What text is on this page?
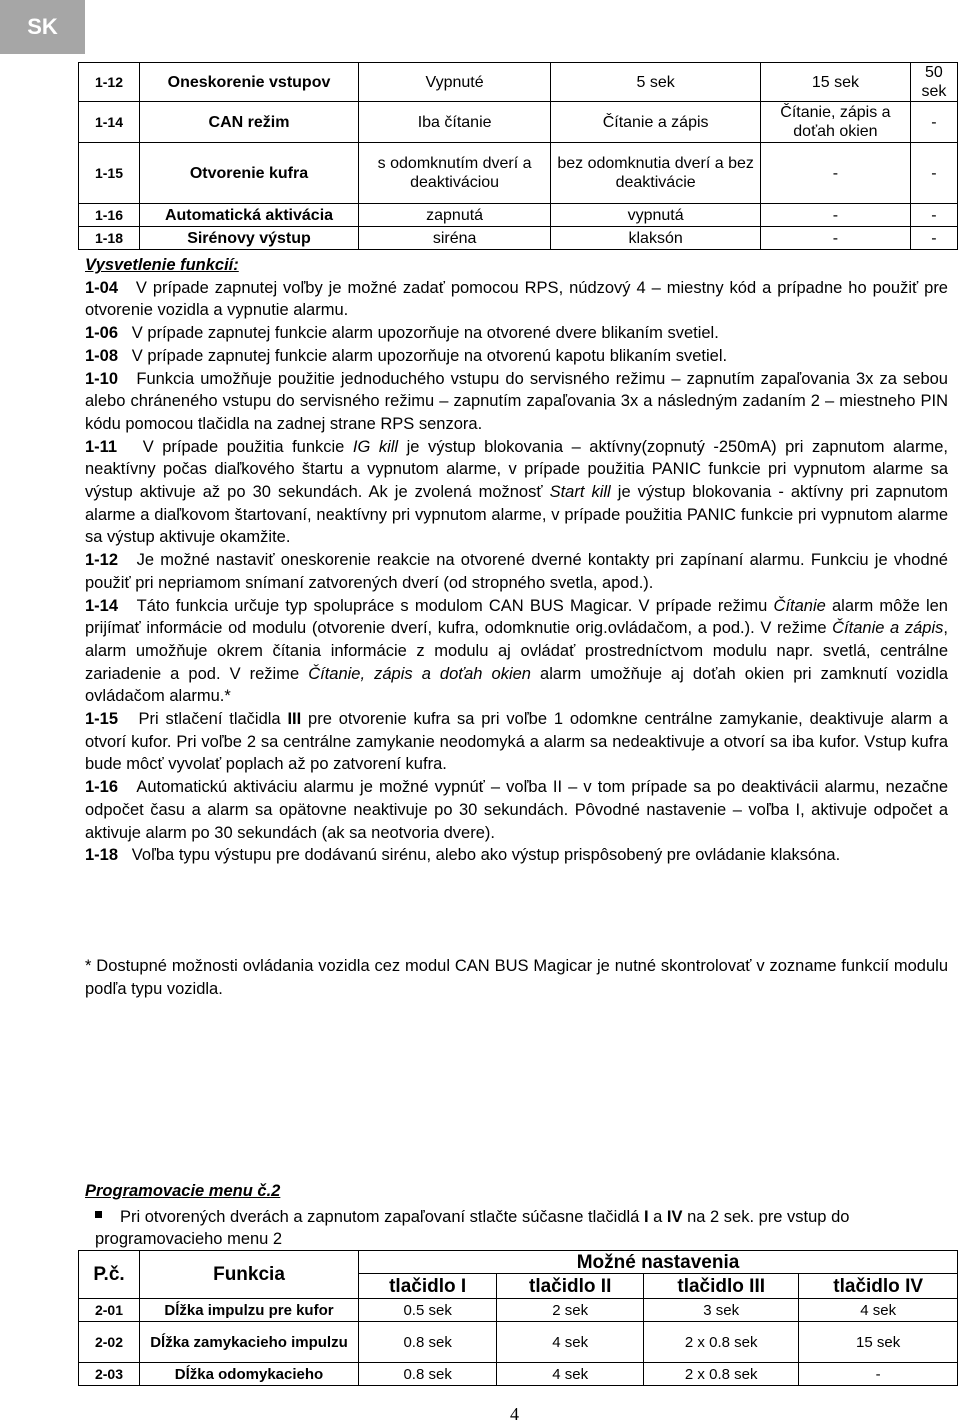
SK
1-12	Oneskorenie vstupov	Vypnuté	5 sek	15 sek	50 sek
1-14	CAN režim	Iba čítanie	Čítanie a zápis	Čítanie, zápis a doťah okien	-
1-15	Otvorenie kufra	s odomknutím dverí a deaktiváciou	bez odomknutia dverí a bez deaktivácie	-	-
1-16	Automatická aktivácia	zapnutá	vypnutá	-	-
1-18	Sirénovy výstup	siréna	klaksón	-	-

Vysvetlenie funkcií:

1-04 V prípade zapnutej voľby je možné zadať pomocou RPS, núdzový 4 – miestny kód a prípadne ho použiť pre otvorenie vozidla a vypnutie alarmu.

1-06 V prípade zapnutej funkcie alarm upozorňuje na otvorené dvere blikaním svetiel.

1-08 V prípade zapnutej funkcie alarm upozorňuje na otvorenú kapotu blikaním svetiel.

1-10 Funkcia umožňuje použitie jednoduchého vstupu do servisného režimu – zapnutím zapaľovania 3x za sebou alebo chráneného vstupu do servisného režimu – zapnutím zapaľovania 3x a následným zadaním 2 – miestneho PIN kódu pomocou tlačidla na zadnej strane RPS senzora.

1-11 V prípade použitia funkcie IG kill je výstup blokovania – aktívny(zopnutý -250mA) pri zapnutom alarme, neaktívny počas diaľkového štartu a vypnutom alarme, v prípade použitia PANIC funkcie pri vypnutom alarme sa výstup aktivuje až po 30 sekundách. Ak je zvolená možnosť Start kill je výstup blokovania - aktívny pri zapnutom alarme a diaľkovom štartovaní, neaktívny pri vypnutom alarme, v prípade použitia PANIC funkcie pri vypnutom alarme sa výstup aktivuje okamžite.

1-12 Je možné nastaviť oneskorenie reakcie na otvorené dverné kontakty pri zapínaní alarmu. Funkciu je vhodné použiť pri nepriamom snímaní zatvorených dverí (od stropného svetla, apod.).

1-14 Táto funkcia určuje typ spolupráce s modulom CAN BUS Magicar. V prípade režimu Čítanie alarm môže len prijímať informácie od modulu (otvorenie dverí, kufra, odomknutie orig.ovládačom, a pod.). V režime Čítanie a zápis, alarm umožňuje okrem čítania informácie z modulu aj ovládať prostredníctvom modulu napr. svetlá, centrálne zariadenie a pod. V režime Čítanie, zápis a doťah okien alarm umožňuje aj doťah okien pri zamknutí vozidla ovládačom alarmu.*

1-15 Pri stlačení tlačidla III pre otvorenie kufra sa pri voľbe 1 odomkne centrálne zamykanie, deaktivuje alarm a otvorí kufor. Pri voľbe 2 sa centrálne zamykanie neodomyká a alarm sa nedeaktivuje a otvorí sa iba kufor. Vstup kufra bude môcť vyvolať poplach až po zatvorení kufra.

1-16 Automatickú aktiváciu alarmu je možné vypnúť – voľba II – v tom prípade sa po deaktivácii alarmu, nezačne odpočet času a alarm sa opätovne neaktivuje po 30 sekundách. Pôvodné nastavenie – voľba I, aktivuje odpočet a aktivuje alarm po 30 sekundách (ak sa neotvoria dvere).

1-18 Voľba typu výstupu pre dodávanú sirénu, alebo ako výstup prispôsobený pre ovládanie klaksóna.

* Dostupné možnosti ovládania vozidla cez modul CAN BUS Magicar je nutné skontrolovať v zozname funkcií modulu podľa typu vozidla.
Programovacie menu č.2
Pri otvorených dverách a zapnutom zapaľovaní stlačte súčasne tlačidlá I a IV na 2 sek. pre vstup do programovacieho menu 2
P.č.	Funkcia	Možné nastavenia			
		tlačidlo I	tlačidlo II	tlačidlo III	tlačidlo IV
2-01	Dĺžka impulzu pre kufor	0.5 sek	2 sek	3 sek	4 sek
2-02	Dĺžka zamykacieho impulzu	0.8 sek	4 sek	2 x 0.8 sek	15 sek
2-03	Dĺžka odomykacieho	0.8 sek	4 sek	2 x 0.8 sek	-
4
